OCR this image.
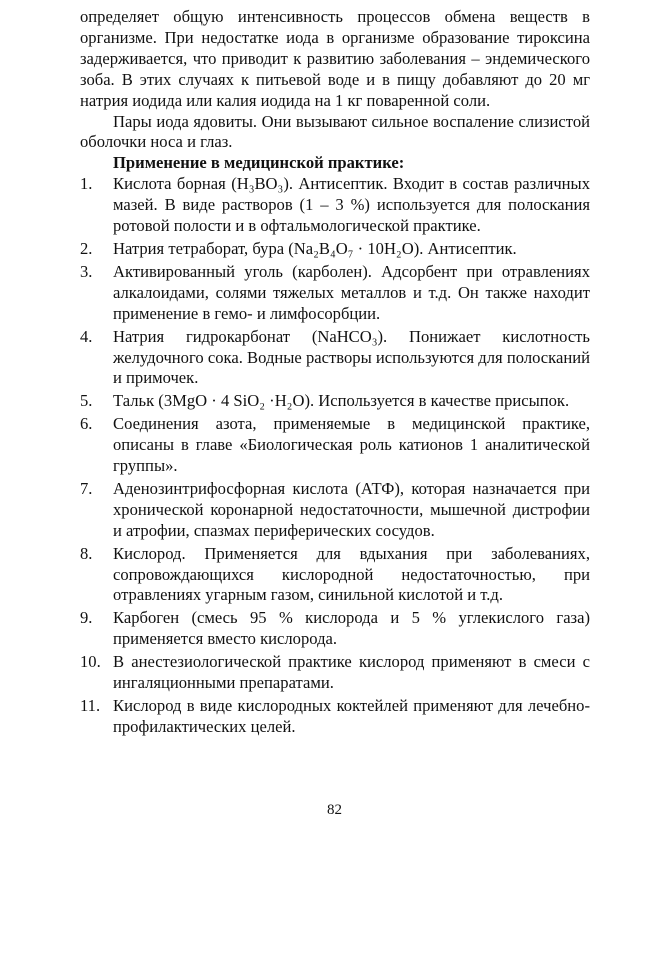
определяет общую интенсивность процессов обмена веществ в организме. При недостатке иода в организме образование тироксина задерживается, что приводит к развитию заболевания – эндемического зоба. В этих случаях к питьевой воде и в пищу добавляют до 20 мг натрия иодида или калия иодида на 1 кг поваренной соли.

Пары иода ядовиты. Они вызывают сильное воспаление слизистой оболочки носа и глаз.

Применение в медицинской практике:

1.	Кислота борная (H₃BO₃). Антисептик. Входит в состав различных мазей. В виде растворов (1 – 3 %) используется для полоскания ротовой полости и в офтальмологической практике.
2.	Натрия тетраборат, бура (Na₂B₄O₇ · 10H₂O). Антисептик.
3.	Активированный уголь (карболен). Адсорбент при отравлениях алкалоидами, солями тяжелых металлов и т.д. Он также находит применение в гемо- и лимфосорбции.
4.	Натрия гидрокарбонат (NaHCO₃). Понижает кислотность желудочного сока. Водные растворы используются для полосканий и примочек.
5.	Тальк (3MgO · 4 SiO₂ ·H₂O). Используется в качестве присыпок.
6.	Соединения азота, применяемые в медицинской практике, описаны в главе «Биологическая роль катионов 1 аналитической группы».
7.	Аденозинтрифосфорная кислота (АТФ), которая назначается при хронической коронарной недостаточности, мышечной дистрофии и атрофии, спазмах периферических сосудов.
8.	Кислород. Применяется для вдыхания при заболеваниях, сопровождающихся кислородной недостаточностью, при отравлениях угарным газом, синильной кислотой и т.д.
9.	Карбоген (смесь 95 % кислорода и 5 % углекислого газа) применяется вместо кислорода.
10. В анестезиологической практике кислород применяют в смеси с ингаляционными препаратами.
11. Кислород в виде кислородных коктейлей применяют для лечебно-профилактических целей.
82
